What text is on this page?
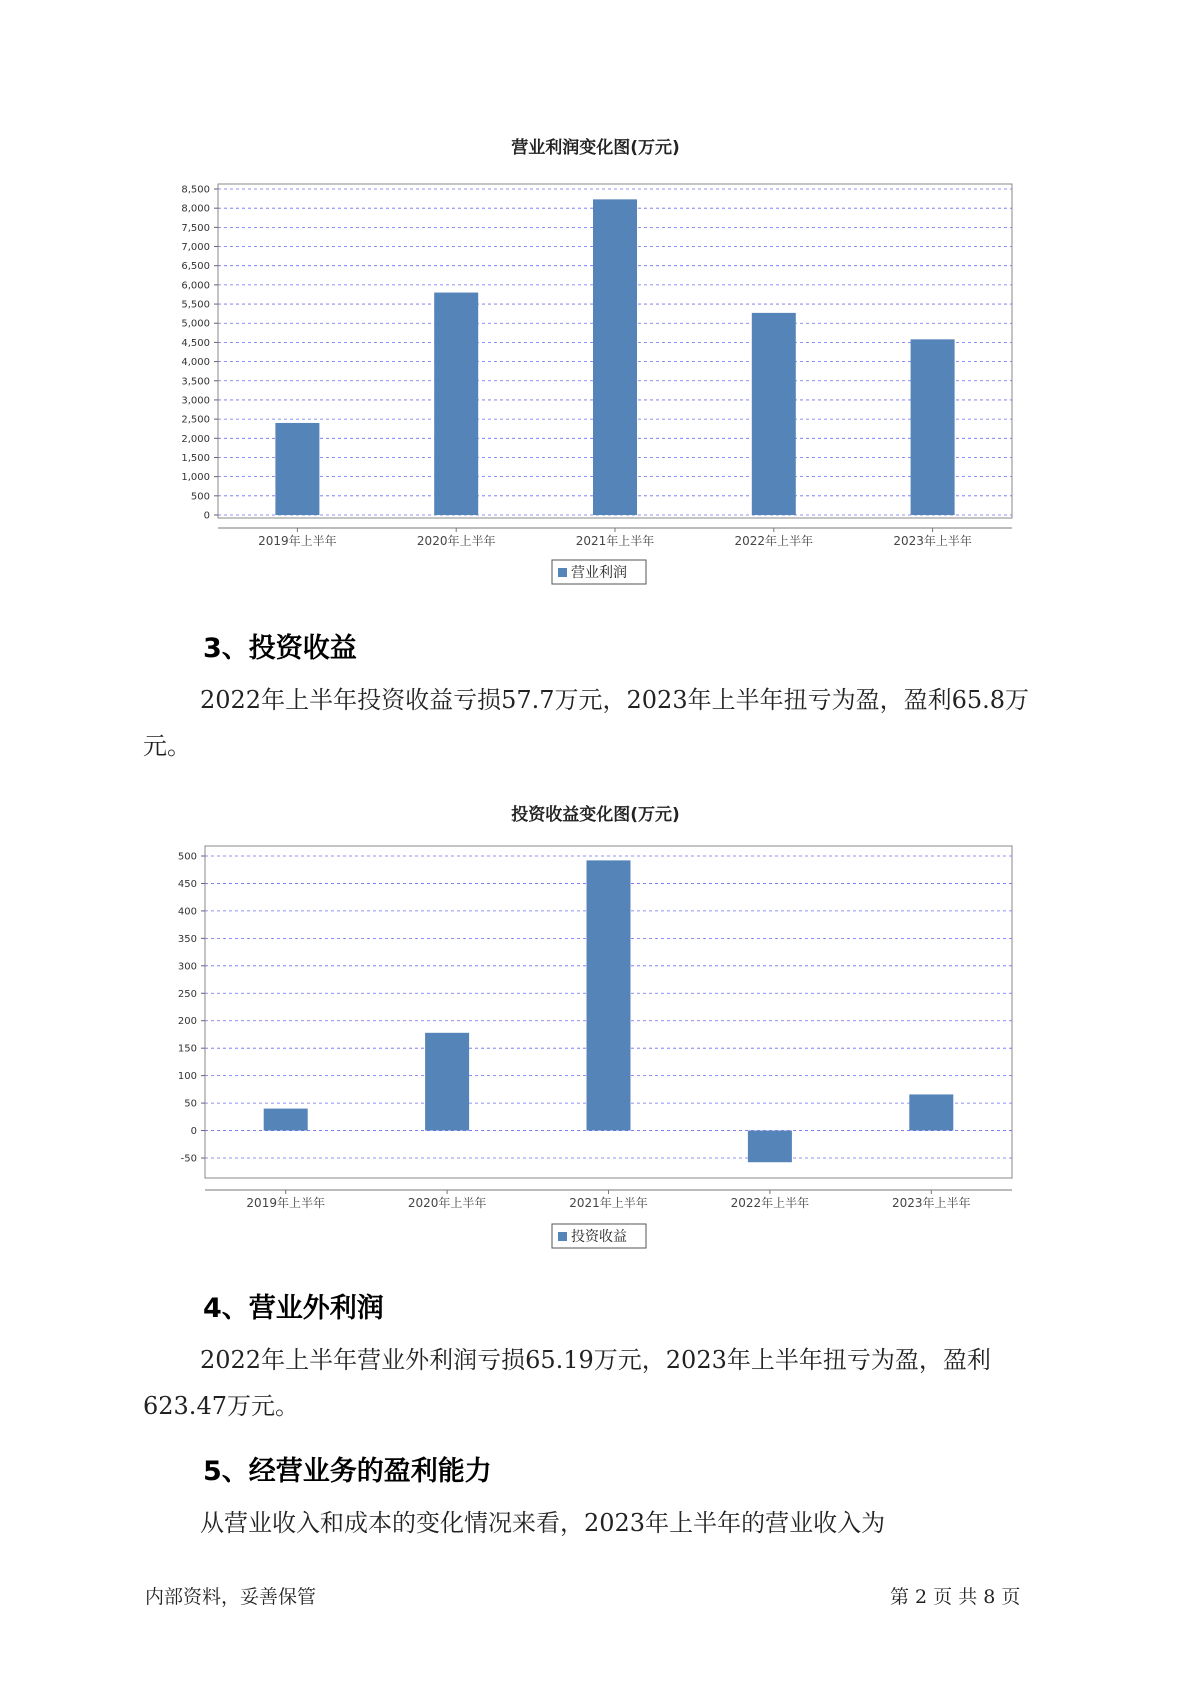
营业利润变化图(万元)
0
500
1,000
1,500
2,000
2,500
3,000
3,500
4,000
4,500
5,000
5,500
6,000
6,500
7,000
7,500
8,000
8,500
2019年上半年	2020年上半年	2021年上半年	2022年上半年	2023年上半年
营业利润
3、投资收益

2022年上半年投资收益亏损57.7万元，2023年上半年扭亏为盈，盈利65.8万元。

投资收益变化图(万元)
-50
0
50
100
150
200
250
300
350
400
450
500
2019年上半年	2020年上半年	2021年上半年	2022年上半年	2023年上半年
投资收益
4、营业外利润

2022年上半年营业外利润亏损65.19万元，2023年上半年扭亏为盈，盈利623.47万元。

5、经营业务的盈利能力

从营业收入和成本的变化情况来看，2023年上半年的营业收入为

内部资料，妥善保管	第 2 页 共 8 页
